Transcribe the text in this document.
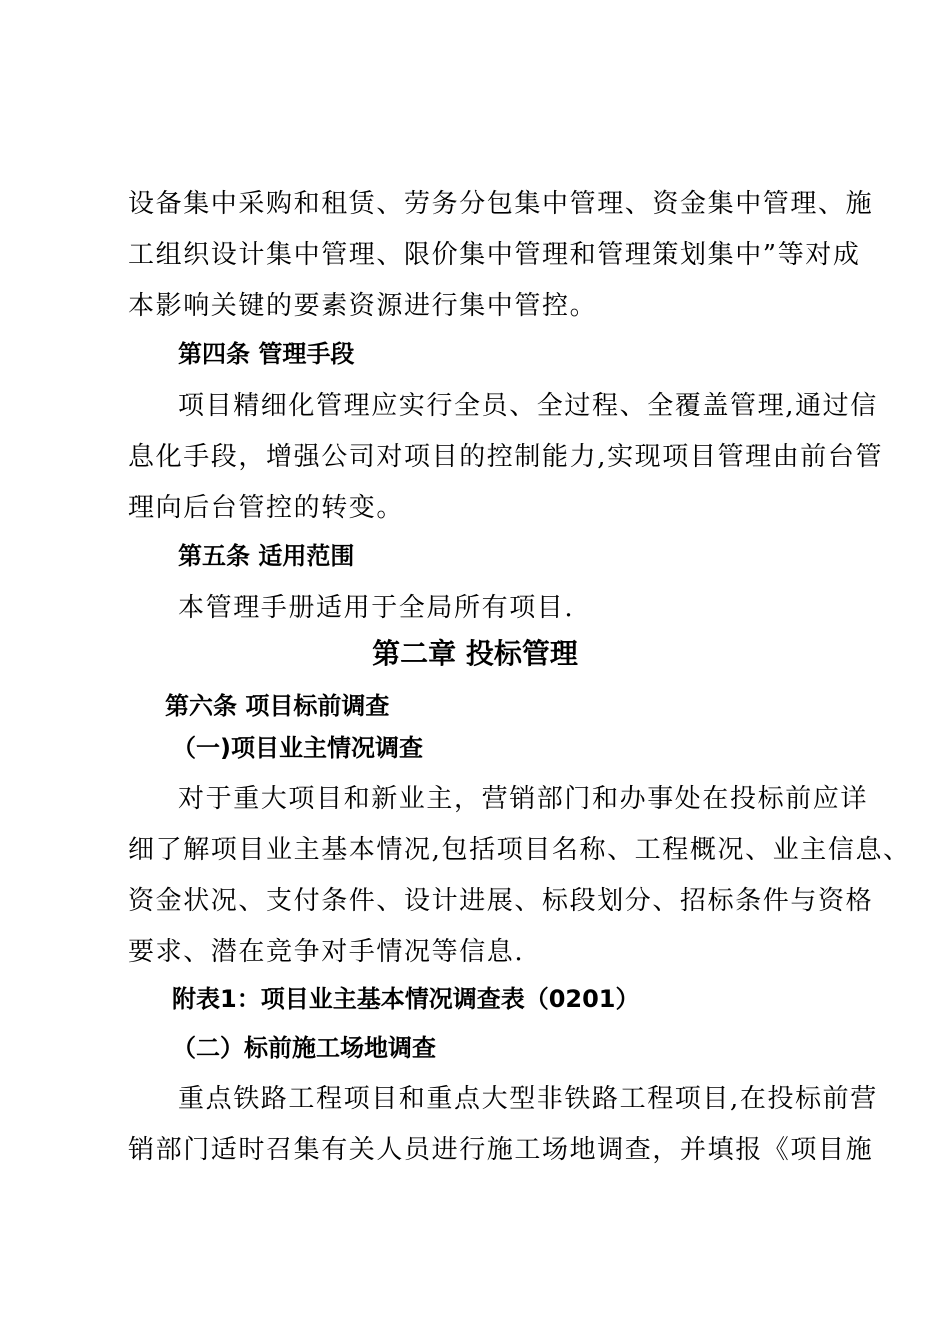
设备集中采购和租赁、劳务分包集中管理、资金集中管理、施
工组织设计集中管理、限价集中管理和管理策划集中”等对成
本影响关键的要素资源进行集中管控。
第四条 管理手段
项目精细化管理应实行全员、全过程、全覆盖管理,通过信
息化手段，增强公司对项目的控制能力,实现项目管理由前台管
理向后台管控的转变。
第五条 适用范围
本管理手册适用于全局所有项目.
第二章 投标管理
第六条 项目标前调查
（一)项目业主情况调查
对于重大项目和新业主，营销部门和办事处在投标前应详
细了解项目业主基本情况,包括项目名称、工程概况、业主信息、
资金状况、支付条件、设计进展、标段划分、招标条件与资格
要求、潜在竞争对手情况等信息.
附表1：项目业主基本情况调查表（0201）
（二）标前施工场地调查
重点铁路工程项目和重点大型非铁路工程项目,在投标前营
销部门适时召集有关人员进行施工场地调查，并填报《项目施
